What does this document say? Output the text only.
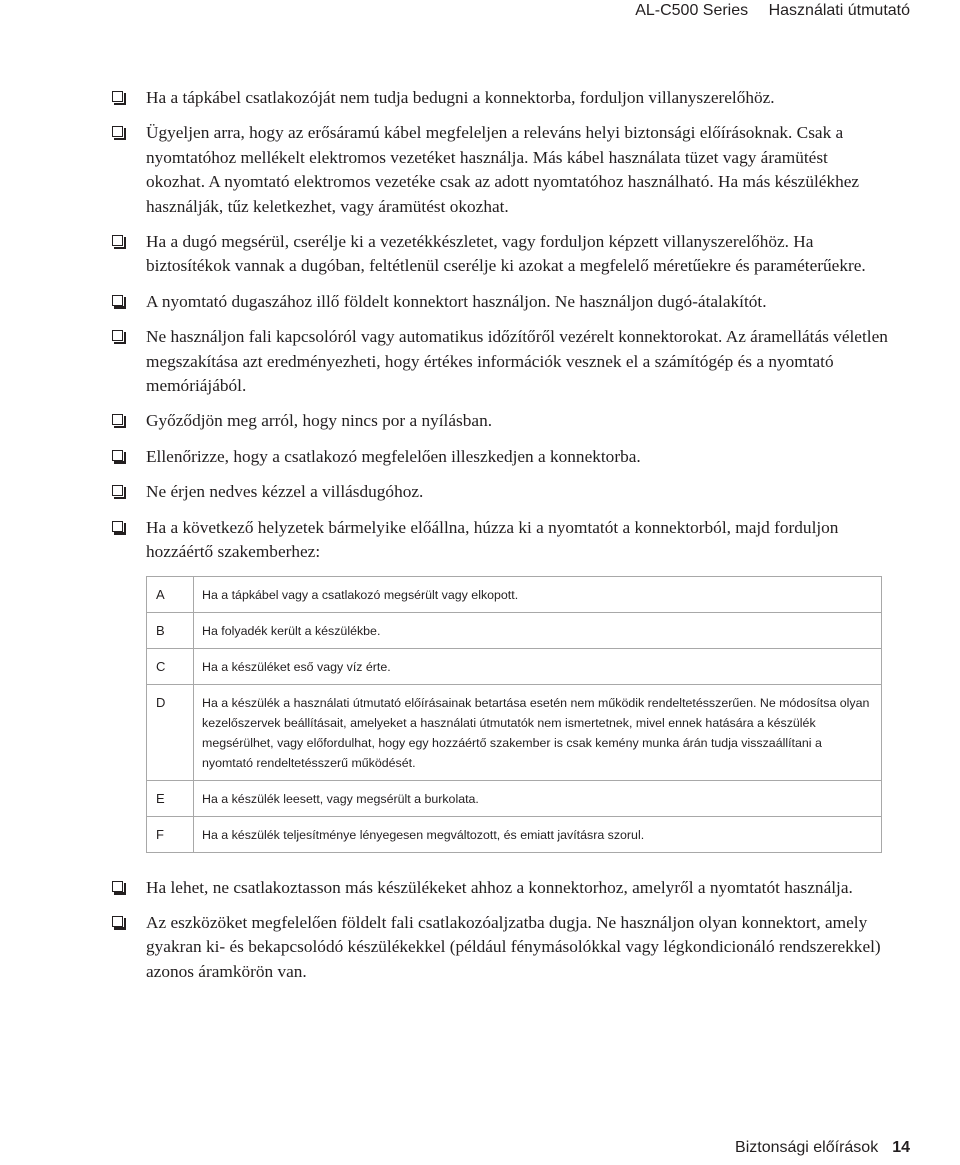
AL-C500 Series Használati útmutató
Ha a tápkábel csatlakozóját nem tudja bedugni a konnektorba, forduljon villanyszerelőhöz.
Ügyeljen arra, hogy az erősáramú kábel megfeleljen a releváns helyi biztonsági előírásoknak. Csak a nyomtatóhoz mellékelt elektromos vezetéket használja. Más kábel használata tüzet vagy áramütést okozhat. A nyomtató elektromos vezetéke csak az adott nyomtatóhoz használható. Ha más készülékhez használják, tűz keletkezhet, vagy áramütést okozhat.
Ha a dugó megsérül, cserélje ki a vezetékkészletet, vagy forduljon képzett villanyszerelőhöz. Ha biztosítékok vannak a dugóban, feltétlenül cserélje ki azokat a megfelelő méretűekre és paraméterűekre.
A nyomtató dugaszához illő földelt konnektort használjon. Ne használjon dugó-átalakítót.
Ne használjon fali kapcsolóról vagy automatikus időzítőről vezérelt konnektorokat. Az áramellátás véletlen megszakítása azt eredményezheti, hogy értékes információk vesznek el a számítógép és a nyomtató memóriájából.
Győződjön meg arról, hogy nincs por a nyílásban.
Ellenőrizze, hogy a csatlakozó megfelelően illeszkedjen a konnektorba.
Ne érjen nedves kézzel a villásdugóhoz.
Ha a következő helyzetek bármelyike előállna, húzza ki a nyomtatót a konnektorból, majd forduljon hozzáértő szakemberhez:
A	Ha a tápkábel vagy a csatlakozó megsérült vagy elkopott.
B	Ha folyadék került a készülékbe.
C	Ha a készüléket eső vagy víz érte.
D	Ha a készülék a használati útmutató előírásainak betartása esetén nem működik rendeltetésszerűen. Ne módosítsa olyan kezelőszervek beállításait, amelyeket a használati útmutatók nem ismertetnek, mivel ennek hatására a készülék megsérülhet, vagy előfordulhat, hogy egy hozzáértő szakember is csak kemény munka árán tudja visszaállítani a nyomtató rendeltetésszerű működését.
E	Ha a készülék leesett, vagy megsérült a burkolata.
F	Ha a készülék teljesítménye lényegesen megváltozott, és emiatt javításra szorul.
Ha lehet, ne csatlakoztasson más készülékeket ahhoz a konnektorhoz, amelyről a nyomtatót használja.
Az eszközöket megfelelően földelt fali csatlakozóaljzatba dugja. Ne használjon olyan konnektort, amely gyakran ki- és bekapcsolódó készülékekkel (például fénymásolókkal vagy légkondicionáló rendszerekkel) azonos áramkörön van.
Biztonsági előírások 14
